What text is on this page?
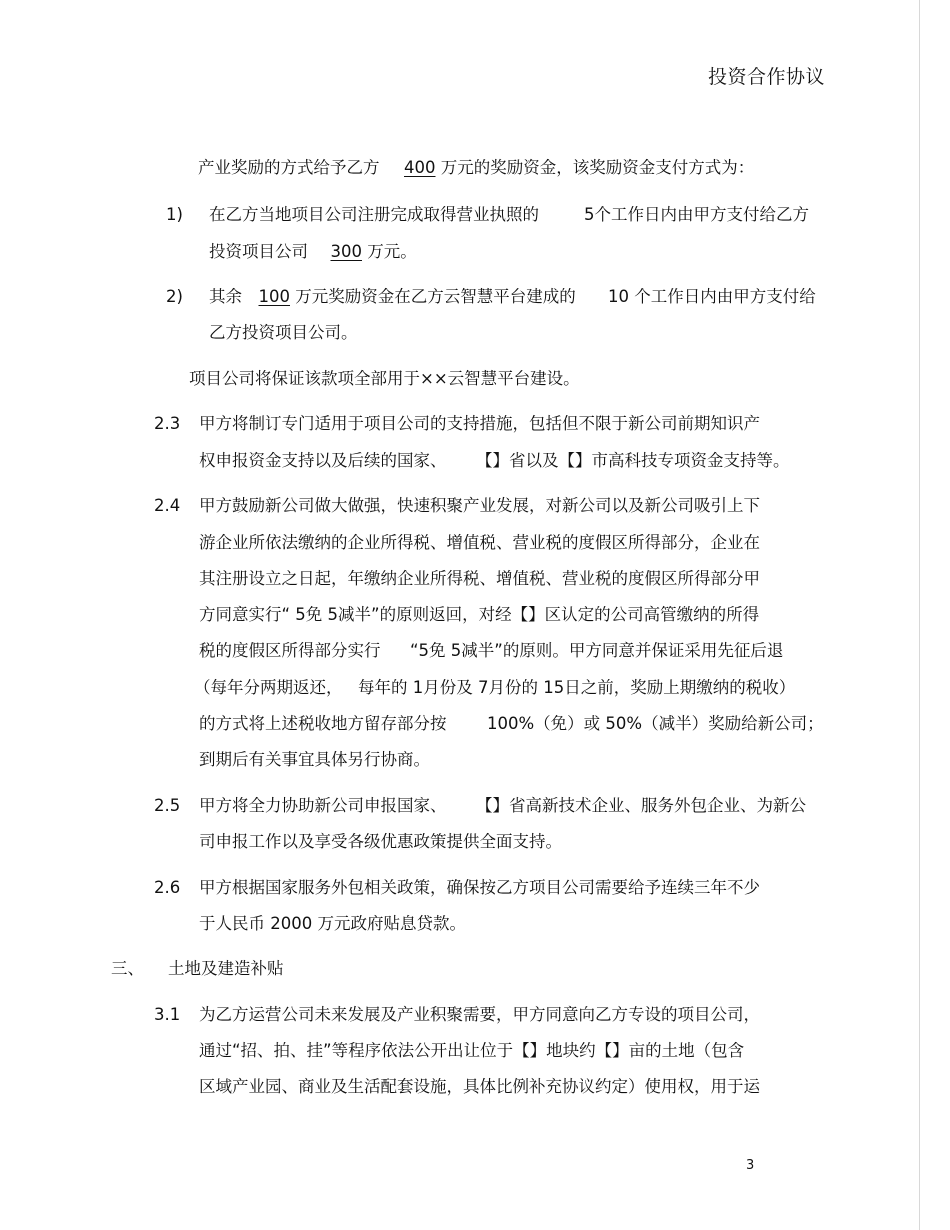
投资合作协议
产业奖励的方式给予乙方 400 万元的奖励资金，该奖励资金支付方式为：
1) 在乙方当地项目公司注册完成取得营业执照的	5个工作日内由甲方支付给乙方
投资项目公司 300 万元。
2) 其余 100 万元奖励资金在乙方云智慧平台建成的 10 个工作日内由甲方支付给
乙方投资项目公司。
项目公司将保证该款项全部用于××云智慧平台建设。
2.3 甲方将制订专门适用于项目公司的支持措施，包括但不限于新公司前期知识产
权申报资金支持以及后续的国家、 【】省以及【】市高科技专项资金支持等。
2.4 甲方鼓励新公司做大做强，快速积聚产业发展，对新公司以及新公司吸引上下
游企业所依法缴纳的企业所得税、增值税、营业税的度假区所得部分，企业在
其注册设立之日起，年缴纳企业所得税、增值税、营业税的度假区所得部分甲
方同意实行“ 5免 5减半”的原则返回，对经【】区认定的公司高管缴纳的所得
税的度假区所得部分实行 “5免 5减半”的原则。甲方同意并保证采用先征后退
（每年分两期返还， 每年的 1月份及 7月份的 15日之前，奖励上期缴纳的税收）
的方式将上述税收地方留存部分按 100%（免）或 50%（减半）奖励给新公司；
到期后有关事宜具体另行协商。
2.5 甲方将全力协助新公司申报国家、 【】省高新技术企业、服务外包企业、为新公
司申报工作以及享受各级优惠政策提供全面支持。
2.6 甲方根据国家服务外包相关政策，确保按乙方项目公司需要给予连续三年不少
于人民币 2000 万元政府贴息贷款。
三、 土地及建造补贴
3.1 为乙方运营公司未来发展及产业积聚需要，甲方同意向乙方专设的项目公司，
通过“招、拍、挂”等程序依法公开出让位于【】地块约【】亩的土地（包含
区域产业园、商业及生活配套设施，具体比例补充协议约定）使用权，用于运
3
